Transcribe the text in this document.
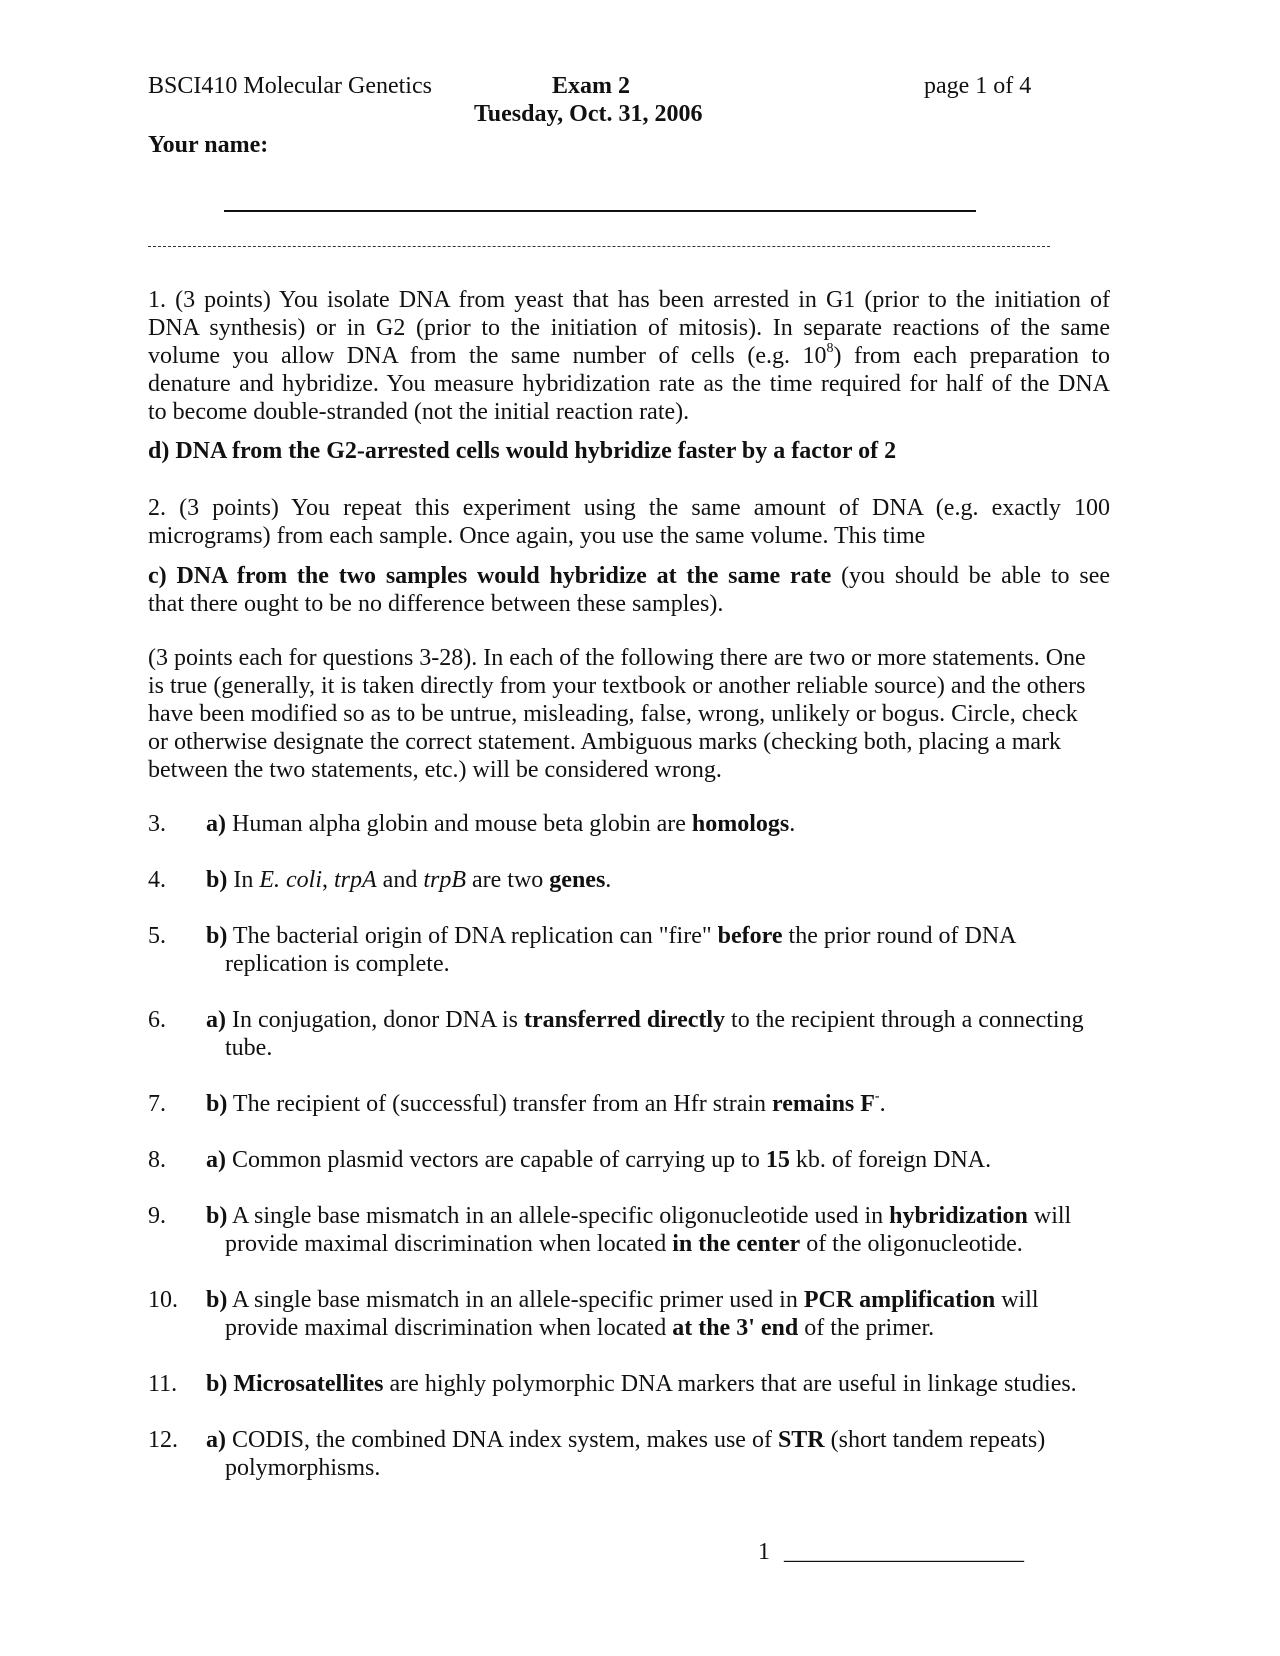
BSCI410 Molecular Genetics	Exam 2
Tuesday, Oct. 31, 2006
page 1 of 4
Your name:
1. (3 points) You isolate DNA from yeast that has been arrested in G1 (prior to the initiation of
DNA synthesis) or in G2 (prior to the initiation of mitosis). In separate reactions of the same
volume you allow DNA from the same number of cells (e.g. $10^8$) from each preparation to
denature and hybridize. You measure hybridization rate as the time required for half of the DNA
to become double-stranded (not the initial reaction rate).
d) DNA from the G2-arrested cells would hybridize faster by a factor of 2
2. (3 points) You repeat this experiment using the same amount of DNA (e.g. exactly 100
micrograms) from each sample. Once again, you use the same volume. This time
c) DNA from the two samples would hybridize at the same rate (you should be able to see
that there ought to be no difference between these samples).
(3 points each for questions 3-28). In each of the following there are two or more statements. One
is true (generally, it is taken directly from your textbook or another reliable source) and the others
have been modified so as to be untrue, misleading, false, wrong, unlikely or bogus. Circle, check
or otherwise designate the correct statement. Ambiguous marks (checking both, placing a mark
between the two statements, etc.) will be considered wrong.
3. a) Human alpha globin and mouse beta globin are homologs.
4. b) In E. coli, trpA and trpB are two genes.
5. b) The bacterial origin of DNA replication can "fire" before the prior round of DNA
replication is complete.
6. a) In conjugation, donor DNA is transferred directly to the recipient through a connecting
tube.
7. b) The recipient of (successful) transfer from an Hfr strain remains F-.
8. a) Common plasmid vectors are capable of carrying up to 15 kb. of foreign DNA.
9. b) A single base mismatch in an allele-specific oligonucleotide used in hybridization will
provide maximal discrimination when located in the center of the oligonucleotide.
10. b) A single base mismatch in an allele-specific primer used in PCR amplification will
provide maximal discrimination when located at the 3' end of the primer.
11. b) Microsatellites are highly polymorphic DNA markers that are useful in linkage studies.
12. a) CODIS, the combined DNA index system, makes use of STR (short tandem repeats)
polymorphisms.
1 ____________________
